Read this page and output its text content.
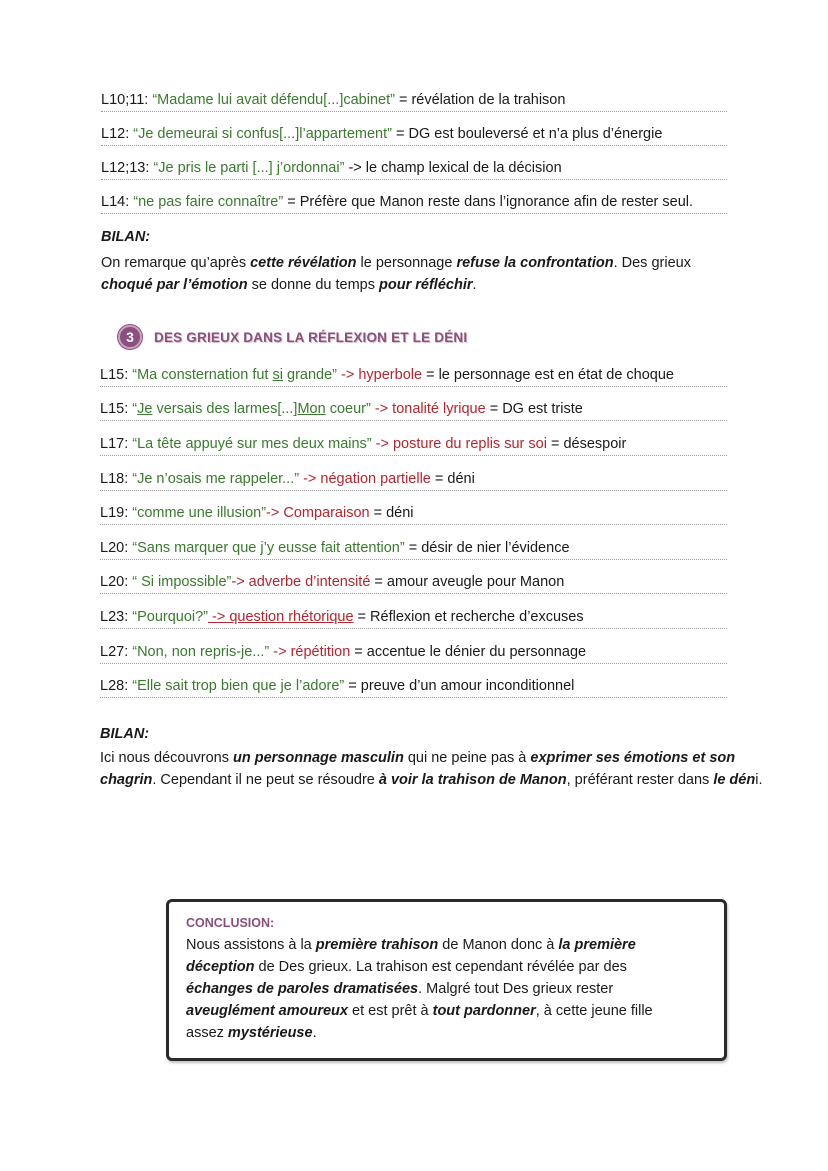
L10;11: “Madame lui avait défendu[...]cabinet” = révélation de la trahison
L12: “Je demeurai si confus[...]l’appartement” = DG est bouleversé et n’a plus d’énergie
L12;13: “Je pris le parti [...] j’ordonnai” -> le champ lexical de la décision
L14: “ne pas faire connaître” = Préfère que Manon reste dans l’ignorance afin de rester seul.
BILAN:
On remarque qu’après cette révélation le personnage refuse la confrontation. Des grieux
choqué par l’émotion se donne du temps pour réfléchir.
3	DES GRIEUX DANS LA RÉFLEXION ET LE DÉNI
L15: “Ma consternation fut si grande” -> hyperbole = le personnage est en état de choque
L15: “Je versais des larmes[...]Mon coeur” -> tonalité lyrique = DG est triste
L17: “La tête appuyé sur mes deux mains” -> posture du replis sur soi = désespoir
L18: “Je n’osais me rappeler...” -> négation partielle = déni
L19: “comme une illusion”-> Comparaison = déni
L20: “Sans marquer que j’y eusse fait attention” = désir de nier l’évidence
L20: “ Si impossible”-> adverbe d’intensité = amour aveugle pour Manon
L23: “Pourquoi?” -> question rhétorique = Réflexion et recherche d’excuses
L27: “Non, non repris-je...” -> répétition = accentue le dénier du personnage
L28: “Elle sait trop bien que je l’adore” = preuve d’un amour inconditionnel
BILAN:
Ici nous découvrons un personnage masculin qui ne peine pas à exprimer ses émotions et son
chagrin. Cependant il ne peut se résoudre à voir la trahison de Manon, préférant rester dans le déni.
CONCLUSION:
Nous assistons à la première trahison de Manon donc à la première
déception de Des grieux. La trahison est cependant révélée par des
échanges de paroles dramatisées. Malgré tout Des grieux rester
aveuglément amoureux et est prêt à tout pardonner, à cette jeune fille
assez mystérieuse.
